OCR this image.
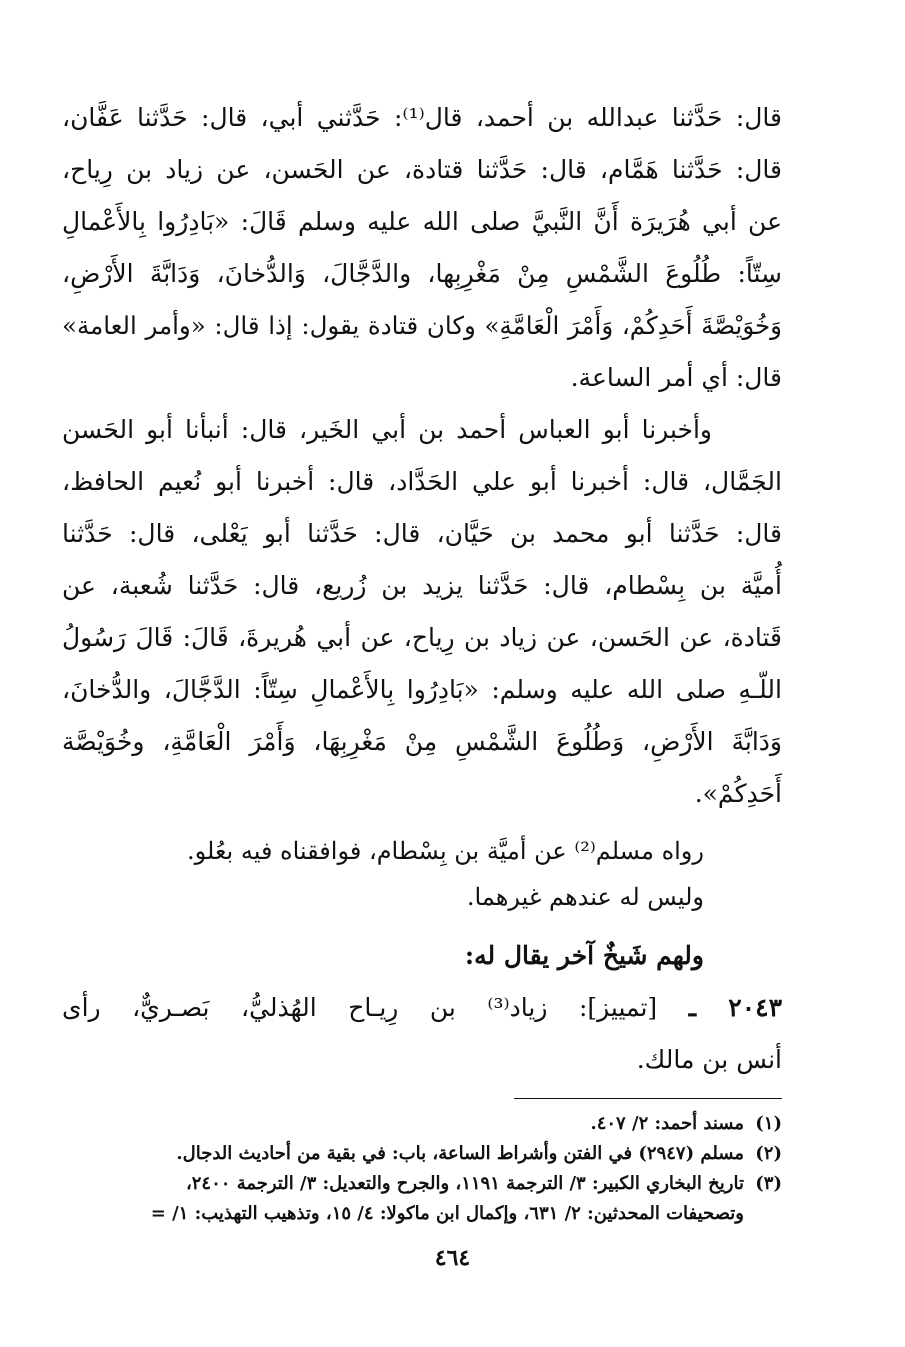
قال: حَدَّثنا عبدالله بن أحمد، قال⁽¹⁾: حَدَّثني أبي، قال: حَدَّثنا عَفَّان،
قال: حَدَّثنا هَمَّام، قال: حَدَّثنا قتادة، عن الحَسن، عن زياد بن رِياح،
عن أبي هُرَيرَة أَنَّ النَّبيَّ صلى الله عليه وسلم قَالَ: «بَادِرُوا بِالأَعْمالِ
سِتّاً: طُلُوعَ الشَّمْسِ مِنْ مَغْرِبِها، والدَّجَّالَ، وَالدُّخانَ، وَدَابَّةَ الأَرْضِ،
وَخُوَيْصَّةَ أَحَدِكُمْ، وَأَمْرَ الْعَامَّةِ» وكان قتادة يقول: إذا قال: «وأمر العامة»
قال: أي أمر الساعة.
وأخبرنا أبو العباس أحمد بن أبي الخَير، قال: أنبأنا أبو الحَسن
الجَمَّال، قال: أخبرنا أبو علي الحَدَّاد، قال: أخبرنا أبو نُعيم الحافظ،
قال: حَدَّثنا أبو محمد بن حَيَّان، قال: حَدَّثنا أبو يَعْلى، قال: حَدَّثنا
أُميَّة بن بِسْطام، قال: حَدَّثنا يزيد بن زُريع، قال: حَدَّثنا شُعبة، عن
قَتادة، عن الحَسن، عن زياد بن رِياح، عن أبي هُريرةَ، قَالَ: قَالَ رَسُولُ
اللّـهِ صلى الله عليه وسلم: «بَادِرُوا بِالأَعْمالِ سِتّاً: الدَّجَّالَ، والدُّخانَ،
وَدَابَّةَ الأَرْضِ، وَطُلُوعَ الشَّمْسِ مِنْ مَغْرِبِهَا، وَأَمْرَ الْعَامَّةِ، وخُوَيْصَّة
أَحَدِكُمْ».
رواه مسلم⁽²⁾ عن أميَّة بن بِسْطام، فوافقناه فيه بعُلو.
وليس له عندهم غيرهما.
ولهم شَيخٌ آخر يقال له:
٢٠٤٣ ـ [تمييز]: زياد⁽³⁾ بن رِيـاح الهُذليُّ، بَصـريٌّ، رأى
أنس بن مالك.
(١)مسند أحمد: ٢/ ٤٠٧.
(٢)مسلم (٢٩٤٧) في الفتن وأشراط الساعة، باب: في بقية من أحاديث الدجال.
(٣)تاريخ البخاري الكبير: ٣/ الترجمة ١١٩١، والجرح والتعديل: ٣/ الترجمة ٢٤٠٠،
وتصحيفات المحدثين: ٢/ ٦٣١، وإكمال ابن ماكولا: ٤/ ١٥، وتذهيب التهذيب: ١/ =
٤٦٤
